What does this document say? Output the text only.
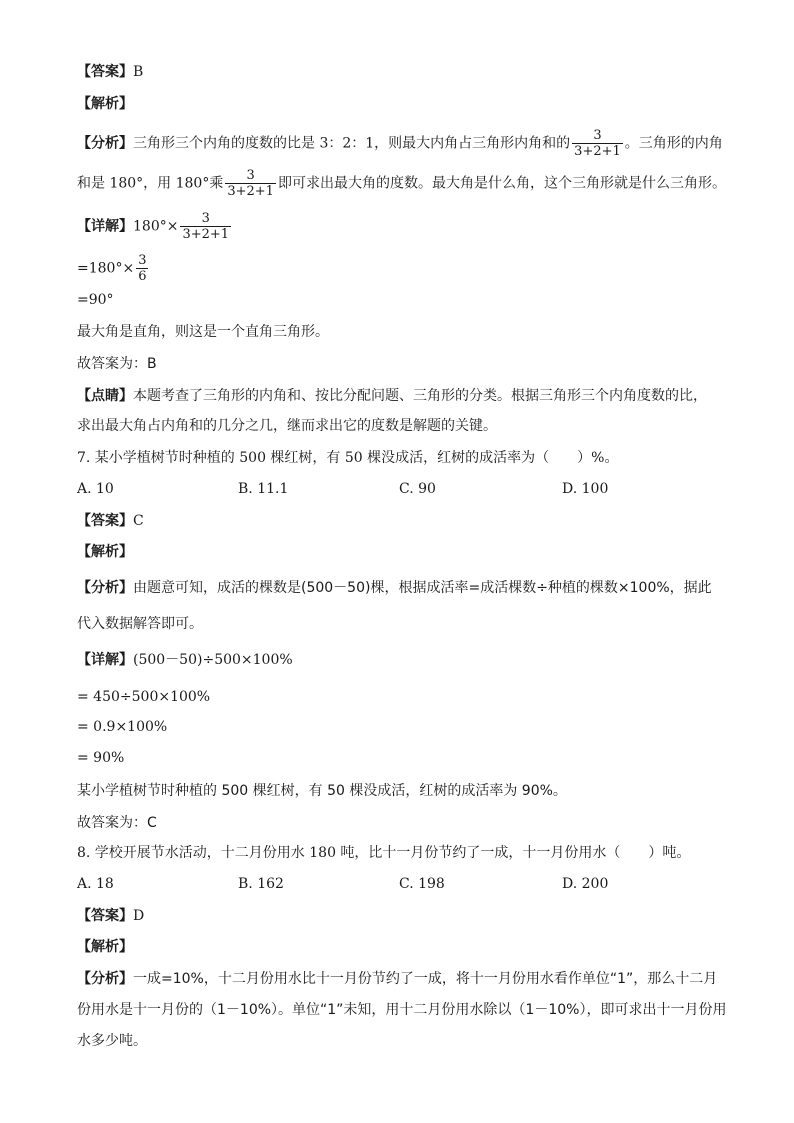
【答案】B
【解析】
【分析】三角形三个内角的度数的比是 3：2：1，则最大内角占三角形内角和的 $\frac{3}{3+2+1}$ 。三角形的内角
和是 180°，用 180°乘 $\frac{3}{3+2+1}$ 即可求出最大角的度数。最大角是什么角，这个三角形就是什么三角形。
【详解】$180^\circ\times \frac{3}{3+2+1}$
$=180^\circ\times \frac{3}{6}$
=90°
最大角是直角，则这是一个直角三角形。
故答案为：B
【点睛】本题考查了三角形的内角和、按比分配问题、三角形的分类。根据三角形三个内角度数的比，
求出最大角占内角和的几分之几，继而求出它的度数是解题的关键。
7. 某小学植树节时种植的 500 棵红树，有 50 棵没成活，红树的成活率为（　　）%。
A. 10	B. 11.1	C. 90	D. 100
【答案】C
【解析】
【分析】由题意可知，成活的棵数是(500－50)棵，根据成活率=成活棵数÷种植的棵数×100%，据此
代入数据解答即可。
【详解】(500－50)÷500×100%
= 450÷500×100%
= 0.9×100%
= 90%
某小学植树节时种植的 500 棵红树，有 50 棵没成活，红树的成活率为 90%。
故答案为：C
8. 学校开展节水活动，十二月份用水 180 吨，比十一月份节约了一成，十一月份用水（　　）吨。
A. 18	B. 162	C. 198	D. 200
【答案】D
【解析】
【分析】一成=10%，十二月份用水比十一月份节约了一成，将十一月份用水看作单位“1”，那么十二月
份用水是十一月份的（1－10%）。单位“1”未知，用十二月份用水除以（1－10%），即可求出十一月份用
水多少吨。
